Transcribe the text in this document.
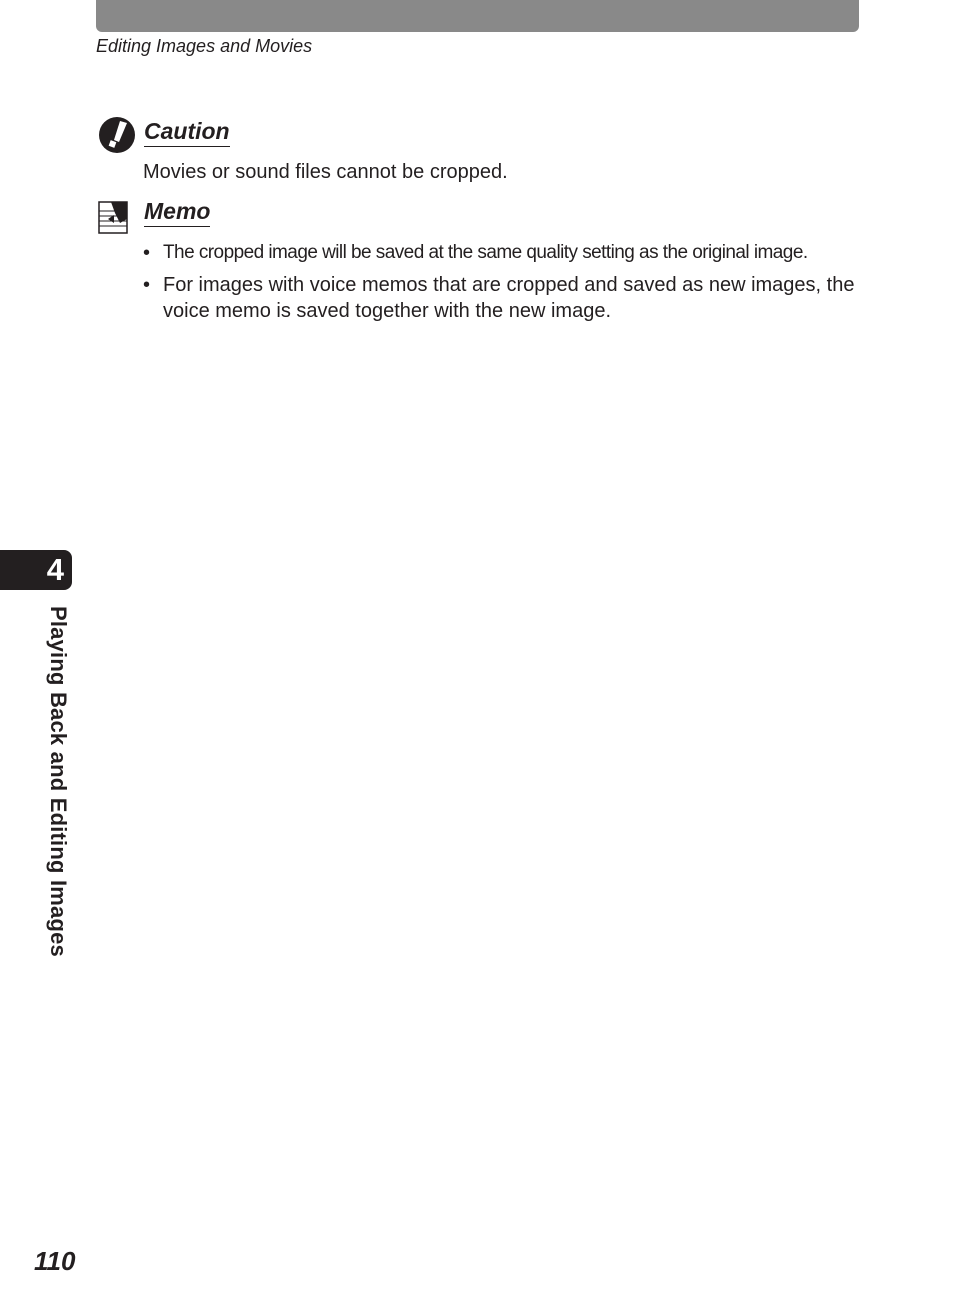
Editing Images and Movies
Caution
Movies or sound files cannot be cropped.
Memo
• The cropped image will be saved at the same quality setting as the original image.
• For images with voice memos that are cropped and saved as new images, the voice memo is saved together with the new image.
4
Playing Back and Editing Images
110
